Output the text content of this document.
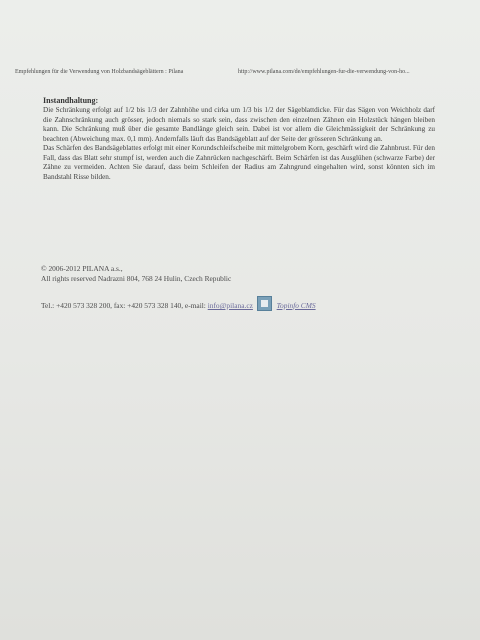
Empfehlungen für die Verwendung von Holzbandsägeblättern : Pilana	http://www.pilana.com/de/empfehlungen-fur-die-verwendung-von-ho...
Instandhaltung:

Die Schränkung erfolgt auf 1/2 bis 1/3 der Zahnhöhe und cirka um 1/3 bis 1/2 der Sägeblattdicke. Für das Sägen von Weichholz darf die Zahnschränkung auch grösser, jedoch niemals so stark sein, dass zwischen den einzelnen Zähnen ein Holzstück hängen bleiben kann. Die Schränkung muß über die gesamte Bandlänge gleich sein. Dabei ist vor allem die Gleichmässigkeit der Schränkung zu beachten (Abweichung max. 0,1 mm). Andernfalls läuft das Bandsägeblatt auf der Seite der grösseren Schränkung an.

Das Schärfen des Bandsägeblattes erfolgt mit einer Korundschleifscheibe mit mittelgrobem Korn, geschärft wird die Zahnbrust. Für den Fall, dass das Blatt sehr stumpf ist, werden auch die Zahnrücken nachgeschärft. Beim Schärfen ist das Ausglühen (schwarze Farbe) der Zähne zu vermeiden. Achten Sie darauf, dass beim Schleifen der Radius am Zahngrund eingehalten wird, sonst könnten sich im Bandstahl Risse bilden.

© 2006-2012 PILANA a.s.,
All rights reserved Nadrazni 804, 768 24 Hulin, Czech Republic
Tel.: +420 573 328 200, fax: +420 573 328 140, e-mail: info@pilana.cz	Topinfo CMS
